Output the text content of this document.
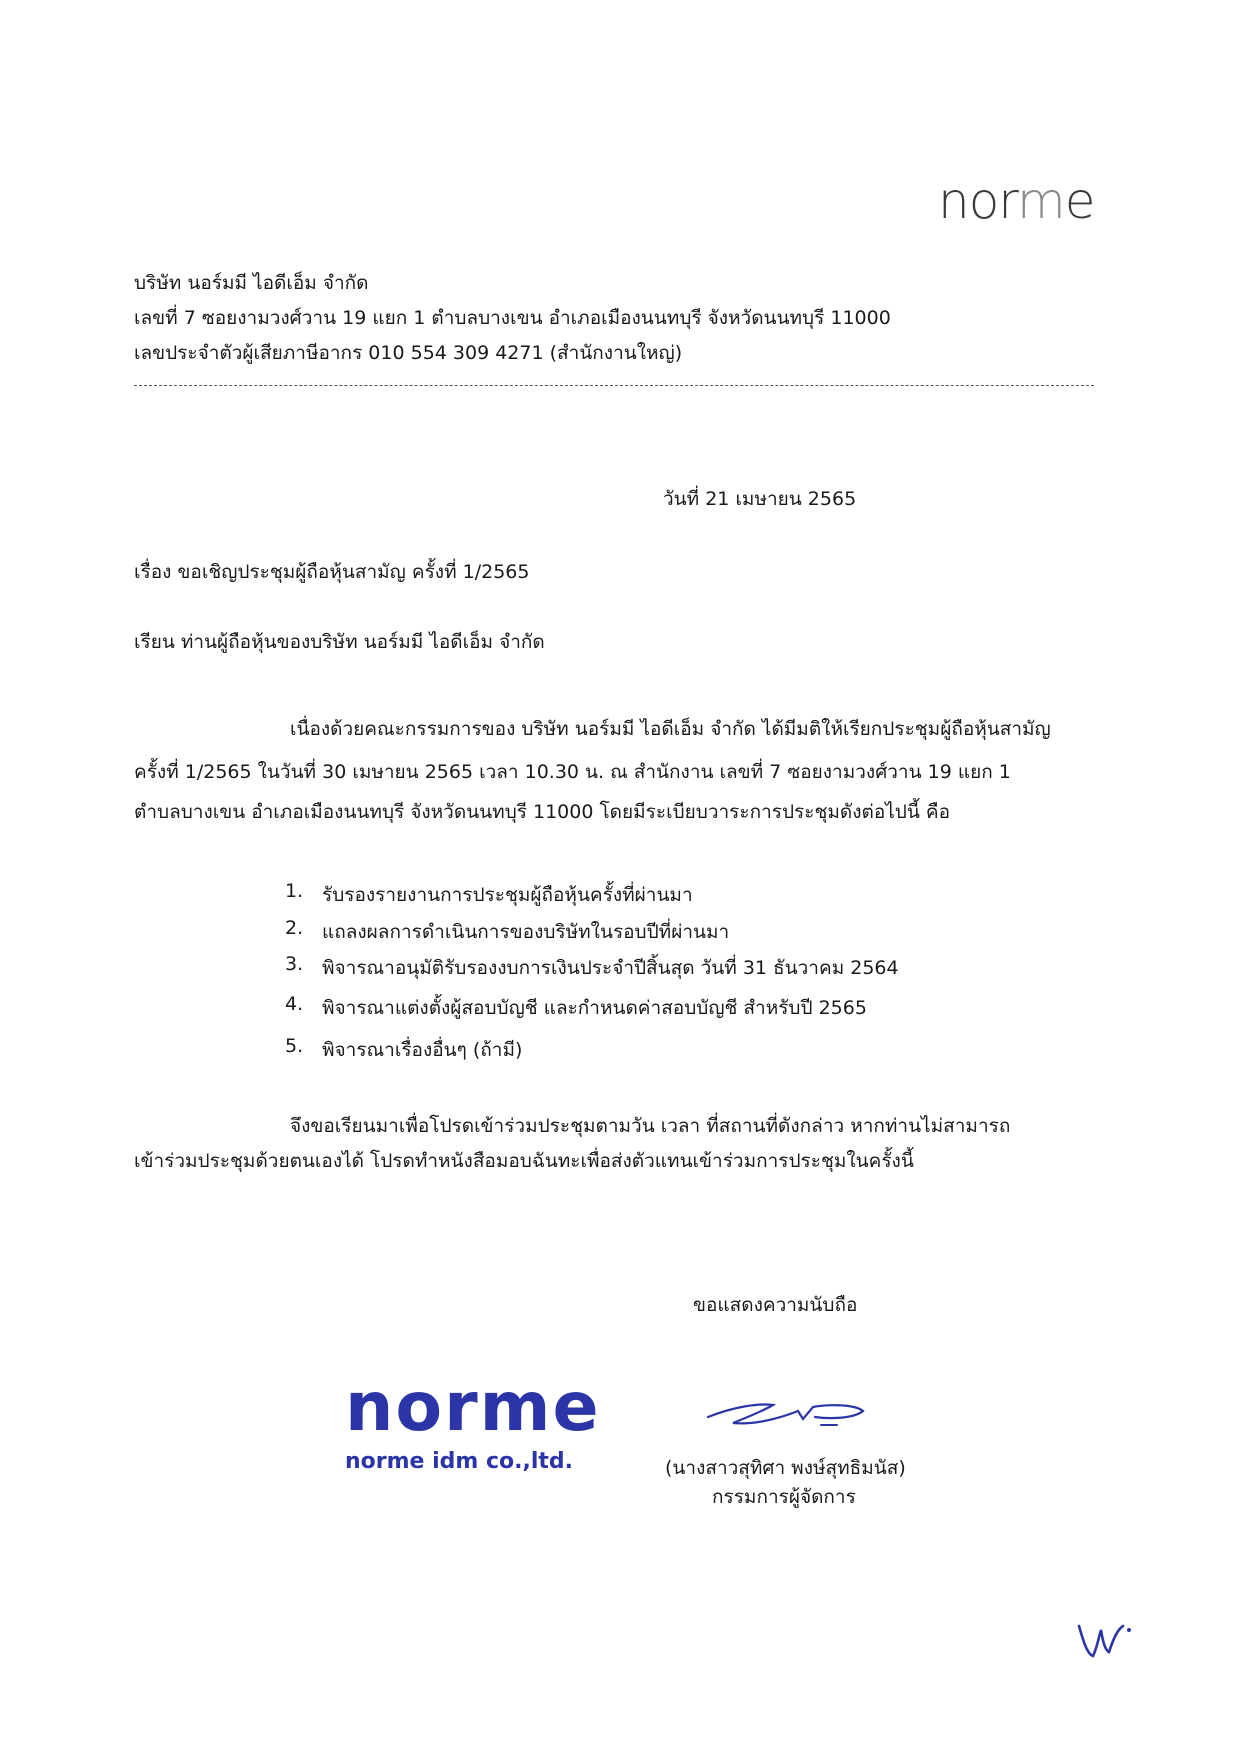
norme
บริษัท นอร์มมี ไอดีเอ็ม จำกัด
เลขที่ 7 ซอยงามวงศ์วาน 19 แยก 1 ตำบลบางเขน อำเภอเมืองนนทบุรี จังหวัดนนทบุรี 11000
เลขประจำตัวผู้เสียภาษีอากร 010 554 309 4271 (สำนักงานใหญ่)
วันที่ 21 เมษายน 2565
เรื่อง ขอเชิญประชุมผู้ถือหุ้นสามัญ ครั้งที่ 1/2565
เรียน ท่านผู้ถือหุ้นของบริษัท นอร์มมี ไอดีเอ็ม จำกัด
เนื่องด้วยคณะกรรมการของ บริษัท นอร์มมี ไอดีเอ็ม จำกัด ได้มีมติให้เรียกประชุมผู้ถือหุ้นสามัญ
ครั้งที่ 1/2565 ในวันที่ 30 เมษายน 2565 เวลา 10.30 น. ณ สำนักงาน เลขที่ 7 ซอยงามวงศ์วาน 19 แยก 1
ตำบลบางเขน อำเภอเมืองนนทบุรี จังหวัดนนทบุรี 11000 โดยมีระเบียบวาระการประชุมดังต่อไปนี้ คือ
1. รับรองรายงานการประชุมผู้ถือหุ้นครั้งที่ผ่านมา
2. แถลงผลการดำเนินการของบริษัทในรอบปีที่ผ่านมา
3. พิจารณาอนุมัติรับรองงบการเงินประจำปีสิ้นสุด วันที่ 31 ธันวาคม 2564
4. พิจารณาแต่งตั้งผู้สอบบัญชี และกำหนดค่าสอบบัญชี สำหรับปี 2565
5. พิจารณาเรื่องอื่นๆ (ถ้ามี)
จึงขอเรียนมาเพื่อโปรดเข้าร่วมประชุมตามวัน เวลา ที่สถานที่ดังกล่าว หากท่านไม่สามารถ
เข้าร่วมประชุมด้วยตนเองได้ โปรดทำหนังสือมอบฉันทะเพื่อส่งตัวแทนเข้าร่วมการประชุมในครั้งนี้
ขอแสดงความนับถือ
norme
norme idm co.,ltd.	(นางสาวสุทิศา พงษ์สุทธิมนัส)
กรรมการผู้จัดการ
